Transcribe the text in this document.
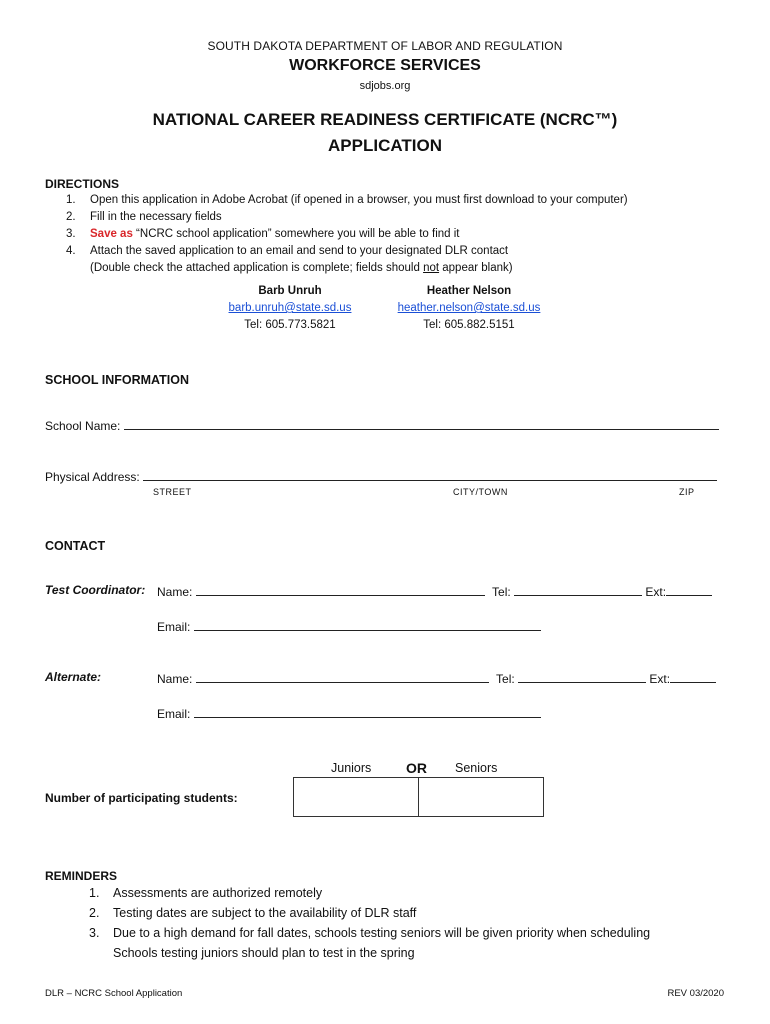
SOUTH DAKOTA DEPARTMENT OF LABOR AND REGULATION
WORKFORCE SERVICES
sdjobs.org
NATIONAL CAREER READINESS CERTIFICATE (NCRC™)
APPLICATION
DIRECTIONS
1. Open this application in Adobe Acrobat (if opened in a browser, you must first download to your computer)
2. Fill in the necessary fields
3. Save as “NCRC school application” somewhere you will be able to find it
4. Attach the saved application to an email and send to your designated DLR contact
(Double check the attached application is complete; fields should not appear blank)
Barb Unruh
barb.unruh@state.sd.us
Tel: 605.773.5821
Heather Nelson
heather.nelson@state.sd.us
Tel: 605.882.5151
SCHOOL INFORMATION
School Name:
Physical Address:
STREET	CITY/TOWN	ZIP
CONTACT
Test Coordinator: Name:	Tel:	Ext:
Email:
Alternate:	Name:	Tel:	Ext:
Email:
Juniors OR Seniors
Number of participating students:
REMINDERS
1. Assessments are authorized remotely
2. Testing dates are subject to the availability of DLR staff
3. Due to a high demand for fall dates, schools testing seniors will be given priority when scheduling
Schools testing juniors should plan to test in the spring
DLR – NCRC School Application	REV 03/2020
